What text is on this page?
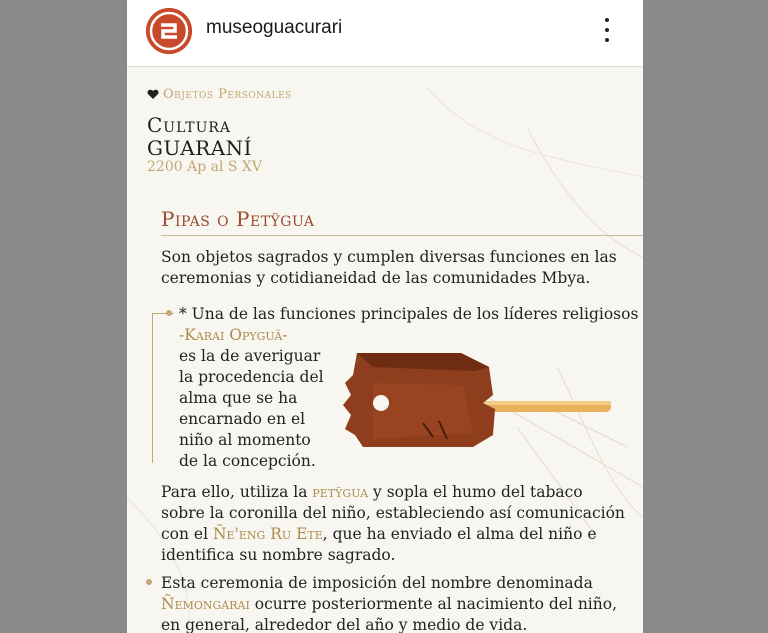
museoguacurari
Objetos Personales
Cultura
GUARANÍ
2200 Ap al S XV
Pipas o Petÿgua
Son objetos sagrados y cumplen diversas funciones en las ceremonias y cotidianeidad de las comunidades Mbya.
* Una de las funciones principales de los líderes religiosos
-Karai Opyguã-
es la de averiguar
la procedencia del
alma que se ha
encarnado en el
niño al momento
de la concepción.
Para ello, utiliza la petÿgua y sopla el humo del tabaco sobre la coronilla del niño, estableciendo así comunicación con el Ñe'eng Ru Ete, que ha enviado el alma del niño e identifica su nombre sagrado.
Esta ceremonia de imposición del nombre denominada Ñemongarai ocurre posteriormente al nacimiento del niño, en general, alrededor del año y medio de vida.
